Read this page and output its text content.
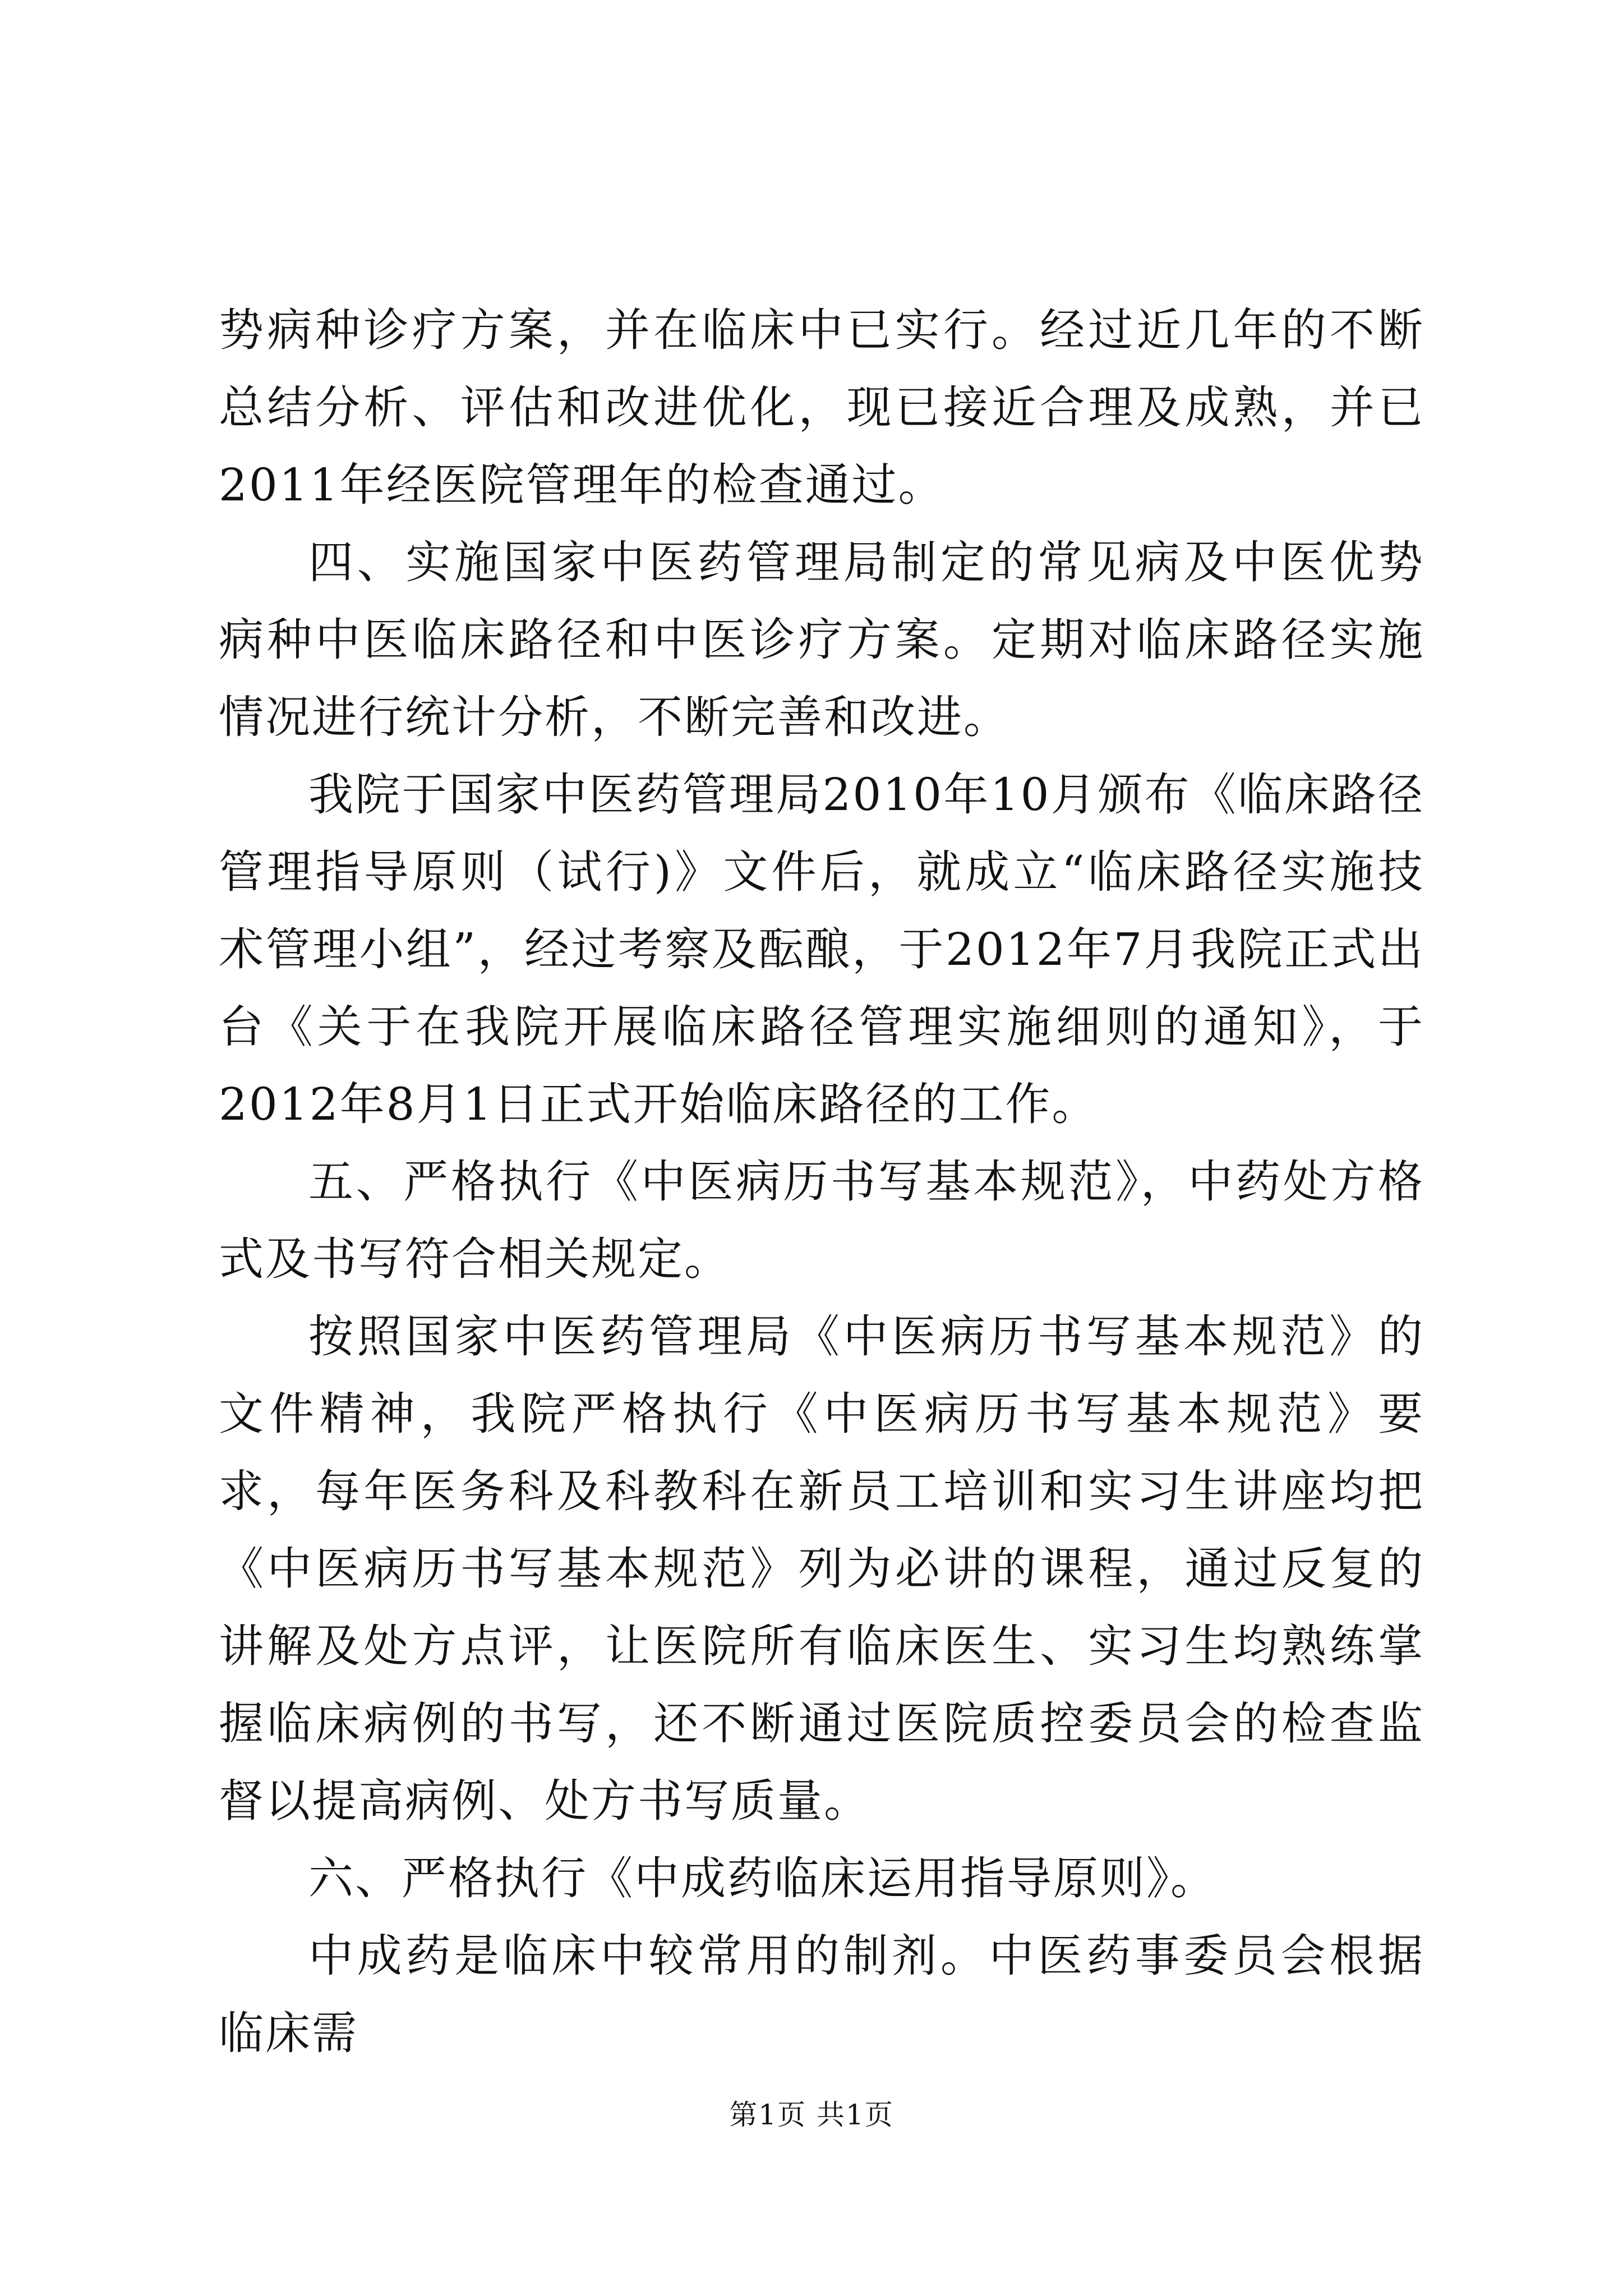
势病种诊疗方案，并在临床中已实行。经过近几年的不断总结分析、评估和改进优化，现已接近合理及成熟，并已2011年经医院管理年的检查通过。

四、实施国家中医药管理局制定的常见病及中医优势病种中医临床路径和中医诊疗方案。定期对临床路径实施情况进行统计分析，不断完善和改进。

我院于国家中医药管理局2010年10月颁布《临床路径管理指导原则（试行)》文件后，就成立“临床路径实施技术管理小组”，经过考察及酝酿，于2012年7月我院正式出台《关于在我院开展临床路径管理实施细则的通知》，于2012年8月1日正式开始临床路径的工作。

五、严格执行《中医病历书写基本规范》，中药处方格式及书写符合相关规定。

按照国家中医药管理局《中医病历书写基本规范》的文件精神，我院严格执行《中医病历书写基本规范》要求，每年医务科及科教科在新员工培训和实习生讲座均把《中医病历书写基本规范》列为必讲的课程，通过反复的讲解及处方点评，让医院所有临床医生、实习生均熟练掌握临床病例的书写，还不断通过医院质控委员会的检查监督以提高病例、处方书写质量。

六、严格执行《中成药临床运用指导原则》。

中成药是临床中较常用的制剂。中医药事委员会根据临床需

第1页 共1页
